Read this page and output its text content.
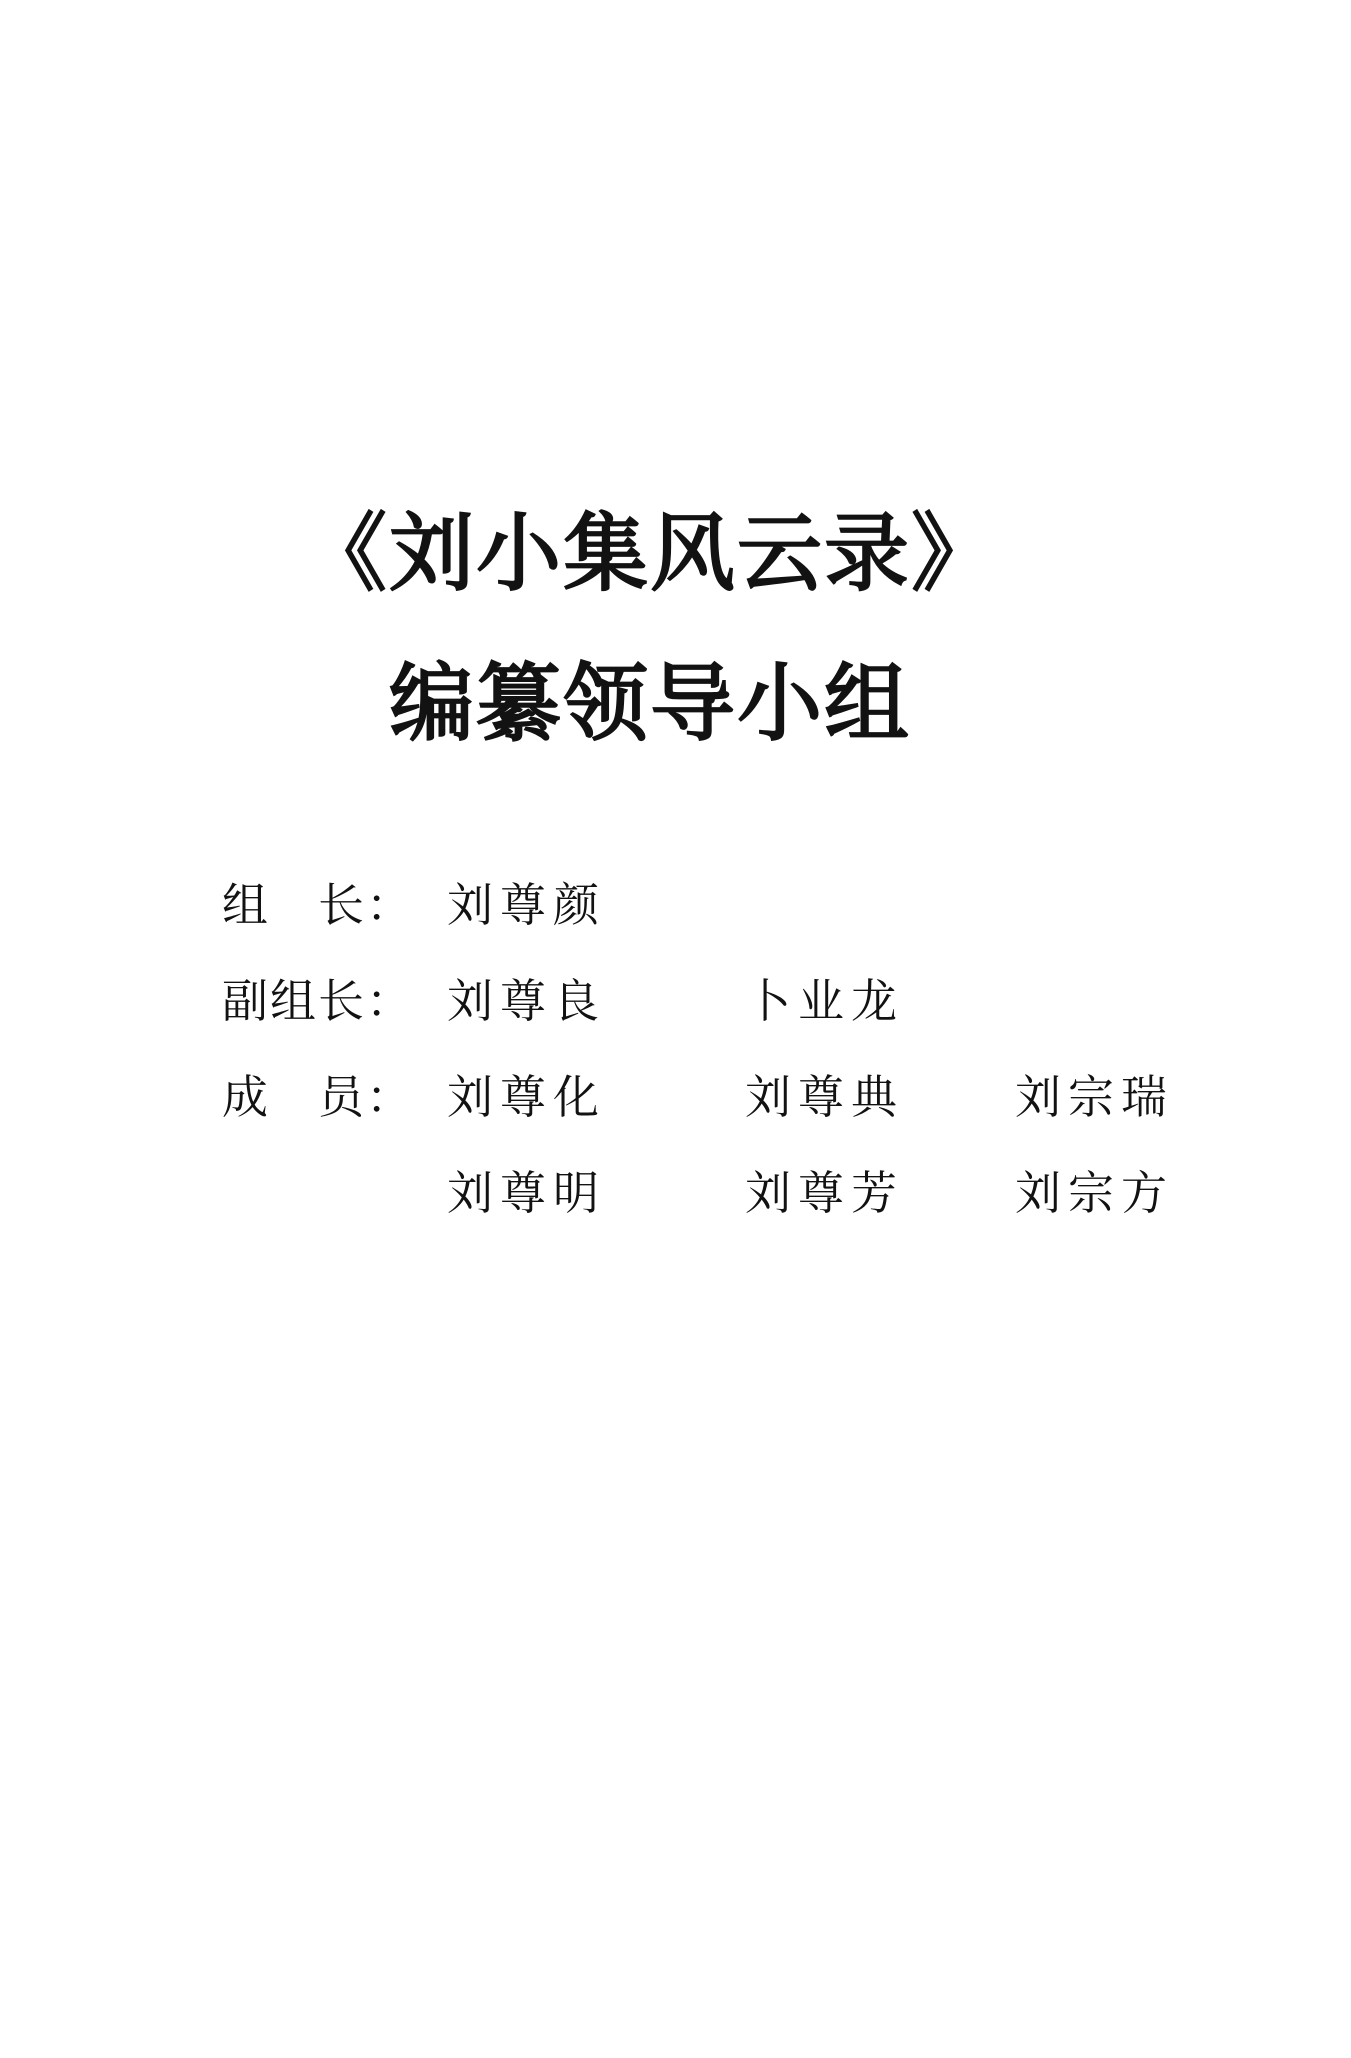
《刘小集风云录》
编纂领导小组
组　长： 刘尊颜
副组长： 刘尊良	卜业龙
成　员： 刘尊化	刘尊典	刘宗瑞
刘尊明	刘尊芳	刘宗方
